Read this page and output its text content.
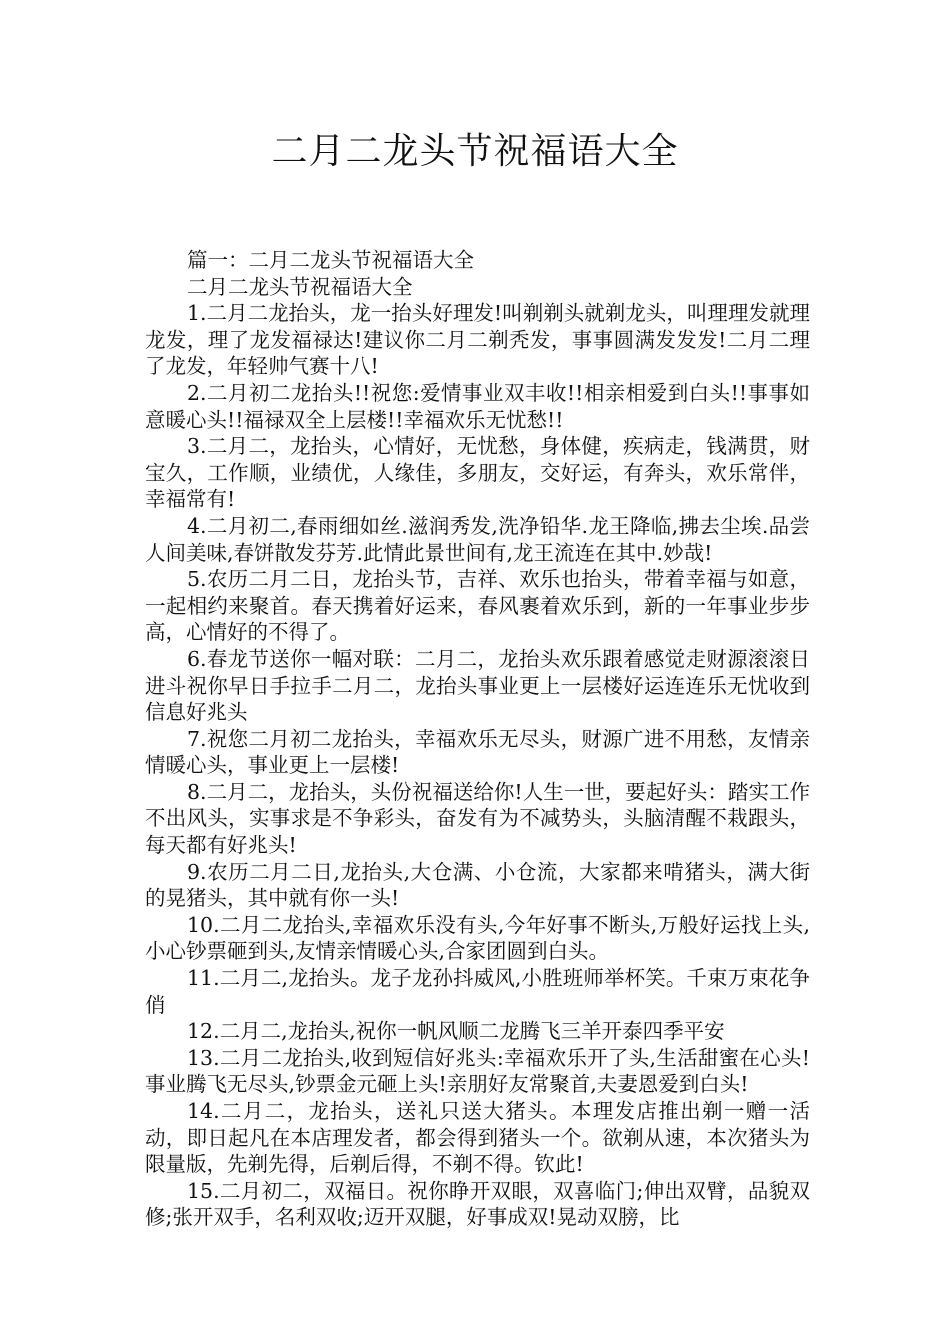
二月二龙头节祝福语大全

篇一：二月二龙头节祝福语大全

二月二龙头节祝福语大全

1.二月二龙抬头，龙一抬头好理发!叫剃剃头就剃龙头，叫理理发就理龙发，理了龙发福禄达!建议你二月二剃秃发，事事圆满发发发!二月二理了龙发，年轻帅气赛十八!

2.二月初二龙抬头!!祝您:爱情事业双丰收!!相亲相爱到白头!!事事如意暖心头!!福禄双全上层楼!!幸福欢乐无忧愁!!

3.二月二，龙抬头，心情好，无忧愁，身体健，疾病走，钱满贯，财宝久，工作顺，业绩优，人缘佳，多朋友，交好运，有奔头，欢乐常伴，幸福常有!

4.二月初二,春雨细如丝.滋润秀发,洗净铅华.龙王降临,拂去尘埃.品尝人间美味,春饼散发芬芳.此情此景世间有,龙王流连在其中.妙哉!

5.农历二月二日，龙抬头节，吉祥、欢乐也抬头，带着幸福与如意，一起相约来聚首。春天携着好运来，春风裹着欢乐到，新的一年事业步步高，心情好的不得了。

6.春龙节送你一幅对联：二月二，龙抬头欢乐跟着感觉走财源滚滚日进斗祝你早日手拉手二月二，龙抬头事业更上一层楼好运连连乐无忧收到信息好兆头

7.祝您二月初二龙抬头，幸福欢乐无尽头，财源广进不用愁，友情亲情暖心头，事业更上一层楼!

8.二月二，龙抬头，头份祝福送给你!人生一世，要起好头：踏实工作不出风头，实事求是不争彩头，奋发有为不减势头，头脑清醒不栽跟头，每天都有好兆头!

9.农历二月二日,龙抬头,大仓满、小仓流，大家都来啃猪头，满大街的晃猪头，其中就有你一头!

10.二月二龙抬头,幸福欢乐没有头,今年好事不断头,万般好运找上头,小心钞票砸到头,友情亲情暖心头,合家团圆到白头。

11.二月二,龙抬头。龙子龙孙抖威风,小胜班师举杯笑。千束万束花争俏

12.二月二,龙抬头,祝你一帆风顺二龙腾飞三羊开泰四季平安

13.二月二龙抬头,收到短信好兆头:幸福欢乐开了头,生活甜蜜在心头!事业腾飞无尽头,钞票金元砸上头!亲朋好友常聚首,夫妻恩爱到白头!

14.二月二，龙抬头，送礼只送大猪头。本理发店推出剃一赠一活动，即日起凡在本店理发者，都会得到猪头一个。欲剃从速，本次猪头为限量版，先剃先得，后剃后得，不剃不得。钦此!

15.二月初二，双福日。祝你睁开双眼，双喜临门;伸出双臂，品貌双修;张开双手，名利双收;迈开双腿，好事成双!晃动双膀，比
